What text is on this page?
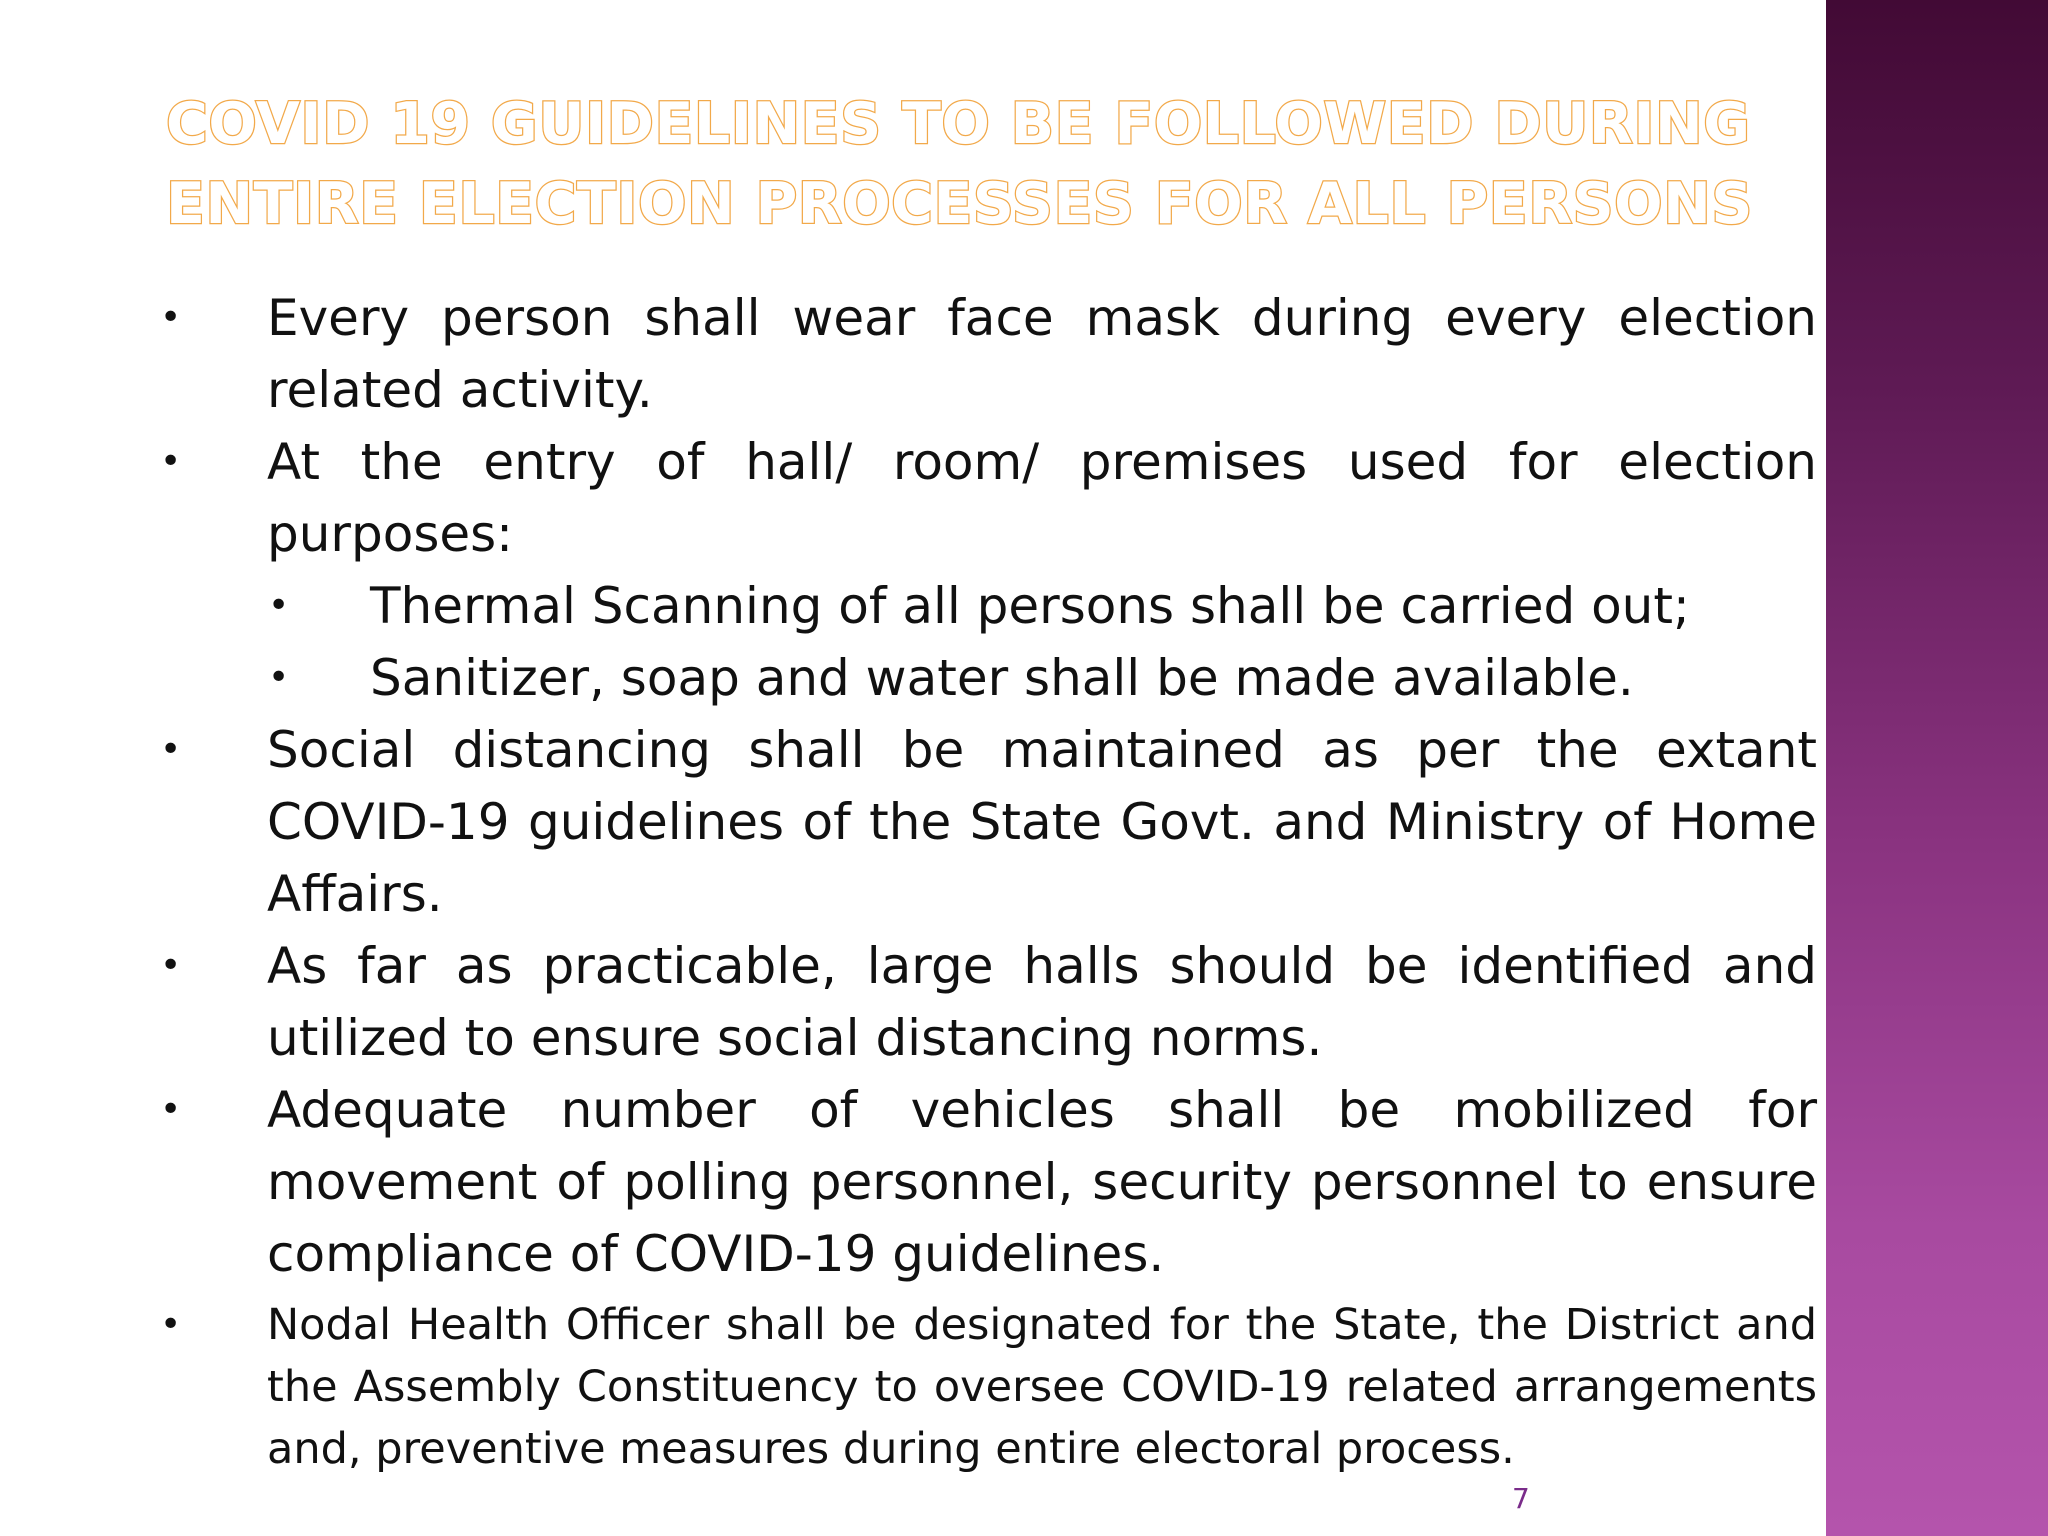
COVID 19 GUIDELINES TO BE FOLLOWED DURING
ENTIRE ELECTION PROCESSES FOR ALL PERSONS
• Every person shall wear face mask during every election related activity.
• At the entry of hall/ room/ premises used for election purposes:
• Thermal Scanning of all persons shall be carried out;
• Sanitizer, soap and water shall be made available.
• Social distancing shall be maintained as per the extant COVID-19 guidelines of the State Govt. and Ministry of Home Affairs.
• As far as practicable, large halls should be identified and utilized to ensure social distancing norms.
• Adequate number of vehicles shall be mobilized for movement of polling personnel, security personnel to ensure compliance of COVID-19 guidelines.
• Nodal Health Officer shall be designated for the State, the District and the Assembly Constituency to oversee COVID-19 related arrangements and, preventive measures during entire electoral process.
7
